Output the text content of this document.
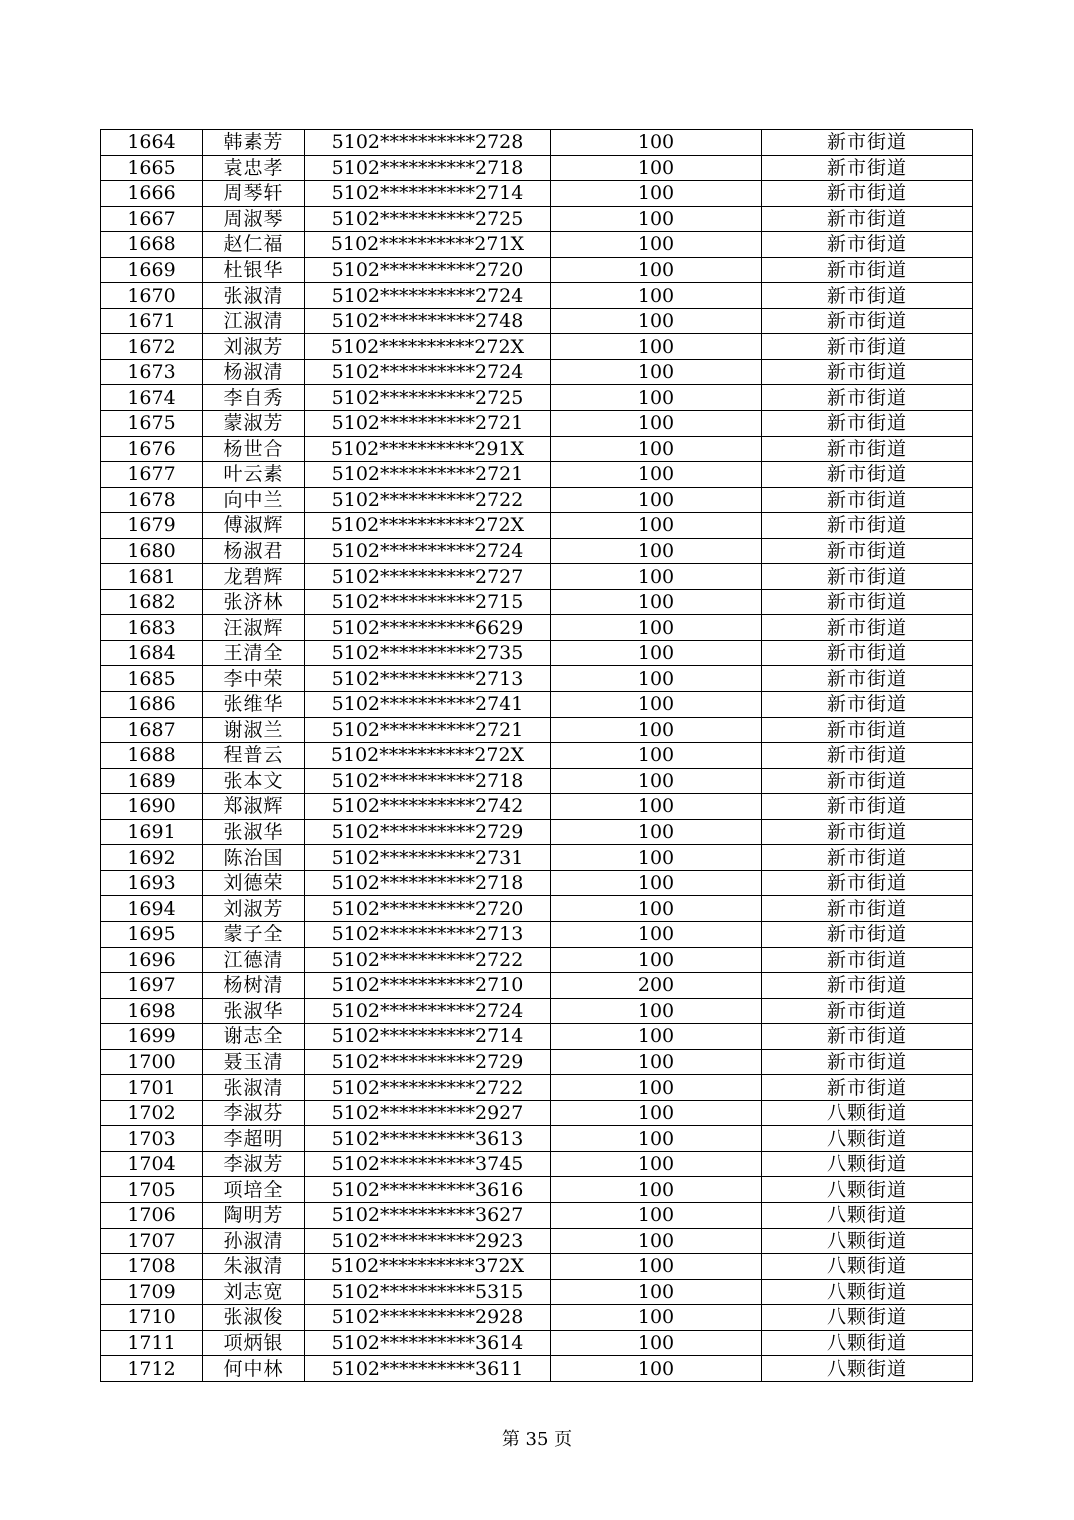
1664	韩素芳	5102**********2728	100	新市街道
1665	袁忠孝	5102**********2718	100	新市街道
1666	周琴轩	5102**********2714	100	新市街道
1667	周淑琴	5102**********2725	100	新市街道
1668	赵仁福	5102**********271X	100	新市街道
1669	杜银华	5102**********2720	100	新市街道
1670	张淑清	5102**********2724	100	新市街道
1671	江淑清	5102**********2748	100	新市街道
1672	刘淑芳	5102**********272X	100	新市街道
1673	杨淑清	5102**********2724	100	新市街道
1674	李自秀	5102**********2725	100	新市街道
1675	蒙淑芳	5102**********2721	100	新市街道
1676	杨世合	5102**********291X	100	新市街道
1677	叶云素	5102**********2721	100	新市街道
1678	向中兰	5102**********2722	100	新市街道
1679	傅淑辉	5102**********272X	100	新市街道
1680	杨淑君	5102**********2724	100	新市街道
1681	龙碧辉	5102**********2727	100	新市街道
1682	张济林	5102**********2715	100	新市街道
1683	汪淑辉	5102**********6629	100	新市街道
1684	王清全	5102**********2735	100	新市街道
1685	李中荣	5102**********2713	100	新市街道
1686	张维华	5102**********2741	100	新市街道
1687	谢淑兰	5102**********2721	100	新市街道
1688	程普云	5102**********272X	100	新市街道
1689	张本文	5102**********2718	100	新市街道
1690	郑淑辉	5102**********2742	100	新市街道
1691	张淑华	5102**********2729	100	新市街道
1692	陈治国	5102**********2731	100	新市街道
1693	刘德荣	5102**********2718	100	新市街道
1694	刘淑芳	5102**********2720	100	新市街道
1695	蒙子全	5102**********2713	100	新市街道
1696	江德清	5102**********2722	100	新市街道
1697	杨树清	5102**********2710	200	新市街道
1698	张淑华	5102**********2724	100	新市街道
1699	谢志全	5102**********2714	100	新市街道
1700	聂玉清	5102**********2729	100	新市街道
1701	张淑清	5102**********2722	100	新市街道
1702	李淑芬	5102**********2927	100	八颗街道
1703	李超明	5102**********3613	100	八颗街道
1704	李淑芳	5102**********3745	100	八颗街道
1705	项培全	5102**********3616	100	八颗街道
1706	陶明芳	5102**********3627	100	八颗街道
1707	孙淑清	5102**********2923	100	八颗街道
1708	朱淑清	5102**********372X	100	八颗街道
1709	刘志宽	5102**********5315	100	八颗街道
1710	张淑俊	5102**********2928	100	八颗街道
1711	项炳银	5102**********3614	100	八颗街道
1712	何中林	5102**********3611	100	八颗街道
第 35 页
